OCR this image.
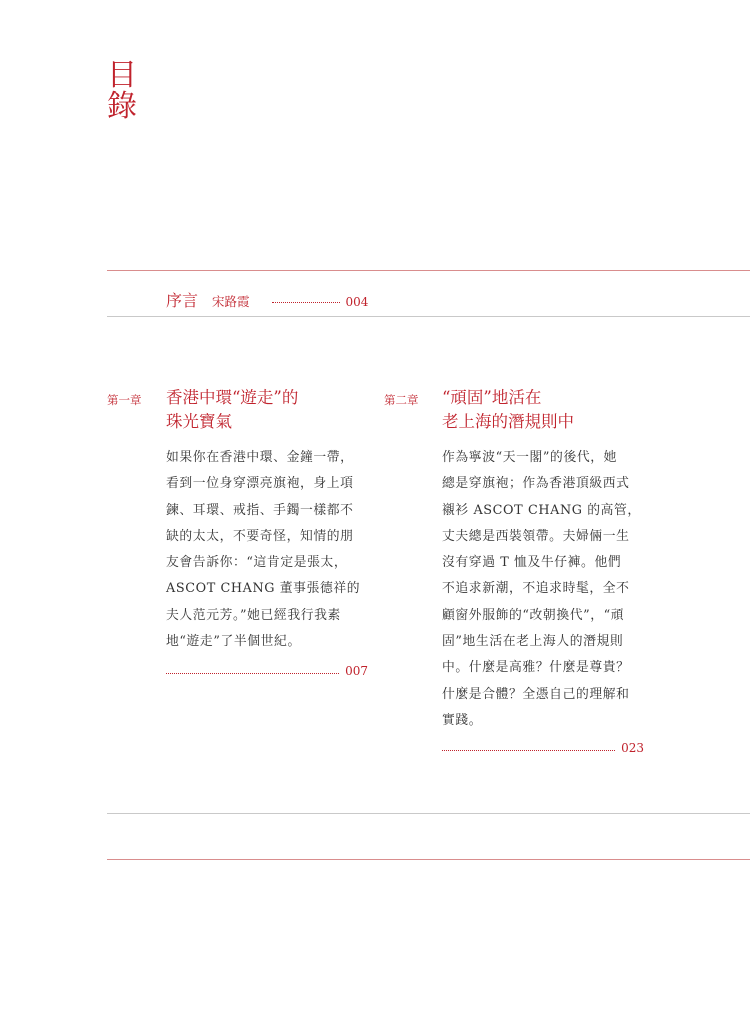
目
錄
序言 宋路霞	004
第一章 香港中環“遊走”的
珠光寶氣
如果你在香港中環、金鐘一帶，
看到一位身穿漂亮旗袍，身上項
鍊、耳環、戒指、手鐲一樣都不
缺的太太，不要奇怪，知情的朋
友會告訴你：“這肯定是張太，
ASCOT CHANG 董事張德祥的
夫人范元芳。”她已經我行我素
地“遊走”了半個世紀。
007
第二章 “頑固”地活在
老上海的潛規則中
作為寧波“天一閣”的後代，她
總是穿旗袍；作為香港頂級西式
襯衫 ASCOT CHANG 的高管，
丈夫總是西裝領帶。夫婦倆一生
沒有穿過 T 恤及牛仔褲。他們
不追求新潮，不追求時髦，全不
顧窗外服飾的“改朝換代”，“頑
固”地生活在老上海人的潛規則
中。什麼是高雅？什麼是尊貴？
什麼是合體？全憑自己的理解和
實踐。
023
